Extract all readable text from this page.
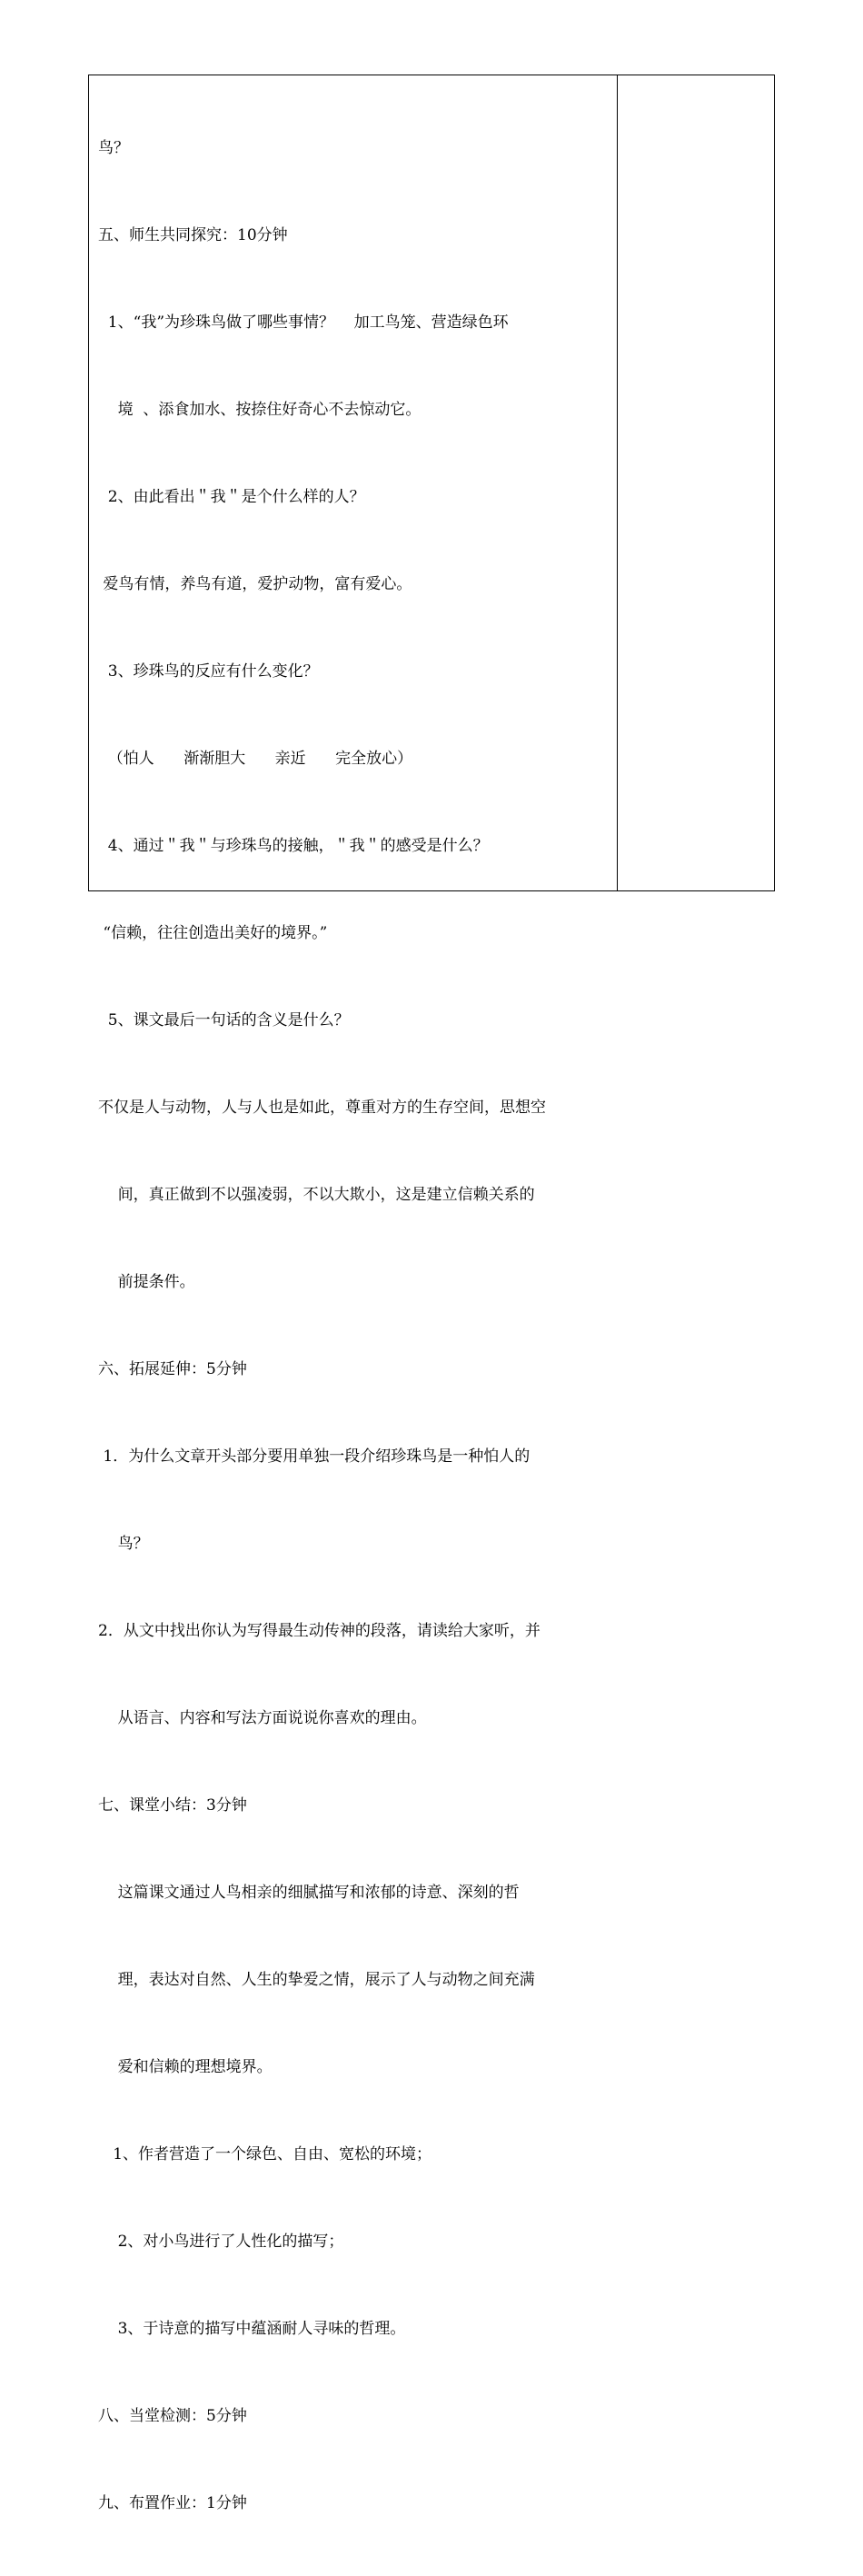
鸟？

五、师生共同探究：10分钟

1、“我”为珍珠鸟做了哪些事情？    加工鸟笼、营造绿色环

境  、添食加水、按捺住好奇心不去惊动它。

2、由此看出＂我＂是个什么样的人？

爱鸟有情，养鸟有道，爱护动物，富有爱心。

3、珍珠鸟的反应有什么变化？

（怕人      渐渐胆大      亲近      完全放心）

4、通过＂我＂与珍珠鸟的接触，＂我＂的感受是什么？

“信赖，往往创造出美好的境界。”

5、课文最后一句话的含义是什么？

不仅是人与动物，人与人也是如此，尊重对方的生存空间，思想空

间，真正做到不以强凌弱，不以大欺小，这是建立信赖关系的

前提条件。

六、拓展延伸：5分钟

1．为什么文章开头部分要用单独一段介绍珍珠鸟是一种怕人的

鸟？

2．从文中找出你认为写得最生动传神的段落，请读给大家听，并

从语言、内容和写法方面说说你喜欢的理由。

七、课堂小结：3分钟

这篇课文通过人鸟相亲的细腻描写和浓郁的诗意、深刻的哲

理，表达对自然、人生的挚爱之情，展示了人与动物之间充满

爱和信赖的理想境界。

1、作者营造了一个绿色、自由、宽松的环境；

2、对小鸟进行了人性化的描写；

3、于诗意的描写中蕴涵耐人寻味的哲理。

八、当堂检测：5分钟

九、布置作业：1分钟
